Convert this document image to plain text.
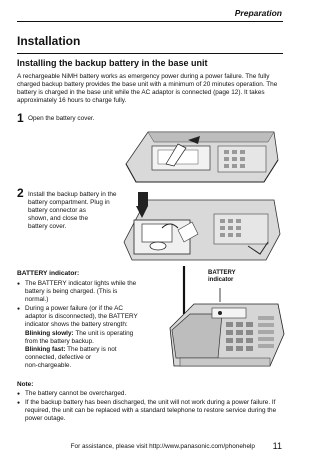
Preparation
Installation
Installing the backup battery in the base unit

A rechargeable NiMH battery works as emergency power during a power failure. The fully charged backup battery provides the base unit with a minimum of 20 minutes operation. The battery is charged in the base unit while the AC adaptor is connected (page 12). It takes approximately 16 hours to charge fully.

1 Open the battery cover.
2 Install the backup battery in the
battery compartment. Plug in
battery connector as
shown, and close the
battery cover.
BATTERY indicator:
● The BATTERY indicator lights while the
battery is being charged. (This is
normal.)
● During a power failure (or if the AC
adaptor is disconnected), the BATTERY
indicator shows the battery strength:
Blinking slowly: The unit is operating
from the battery backup.
Blinking fast: The battery is not
connected, defective or
non-chargeable.
BATTERY
indicator
Note:
● The battery cannot be overcharged.
● If the backup battery has been discharged, the unit will not work during a power failure. If required, the unit can be replaced with a standard telephone to restore service during the power outage.
For assistance, please visit http://www.panasonic.com/phonehelp 11
